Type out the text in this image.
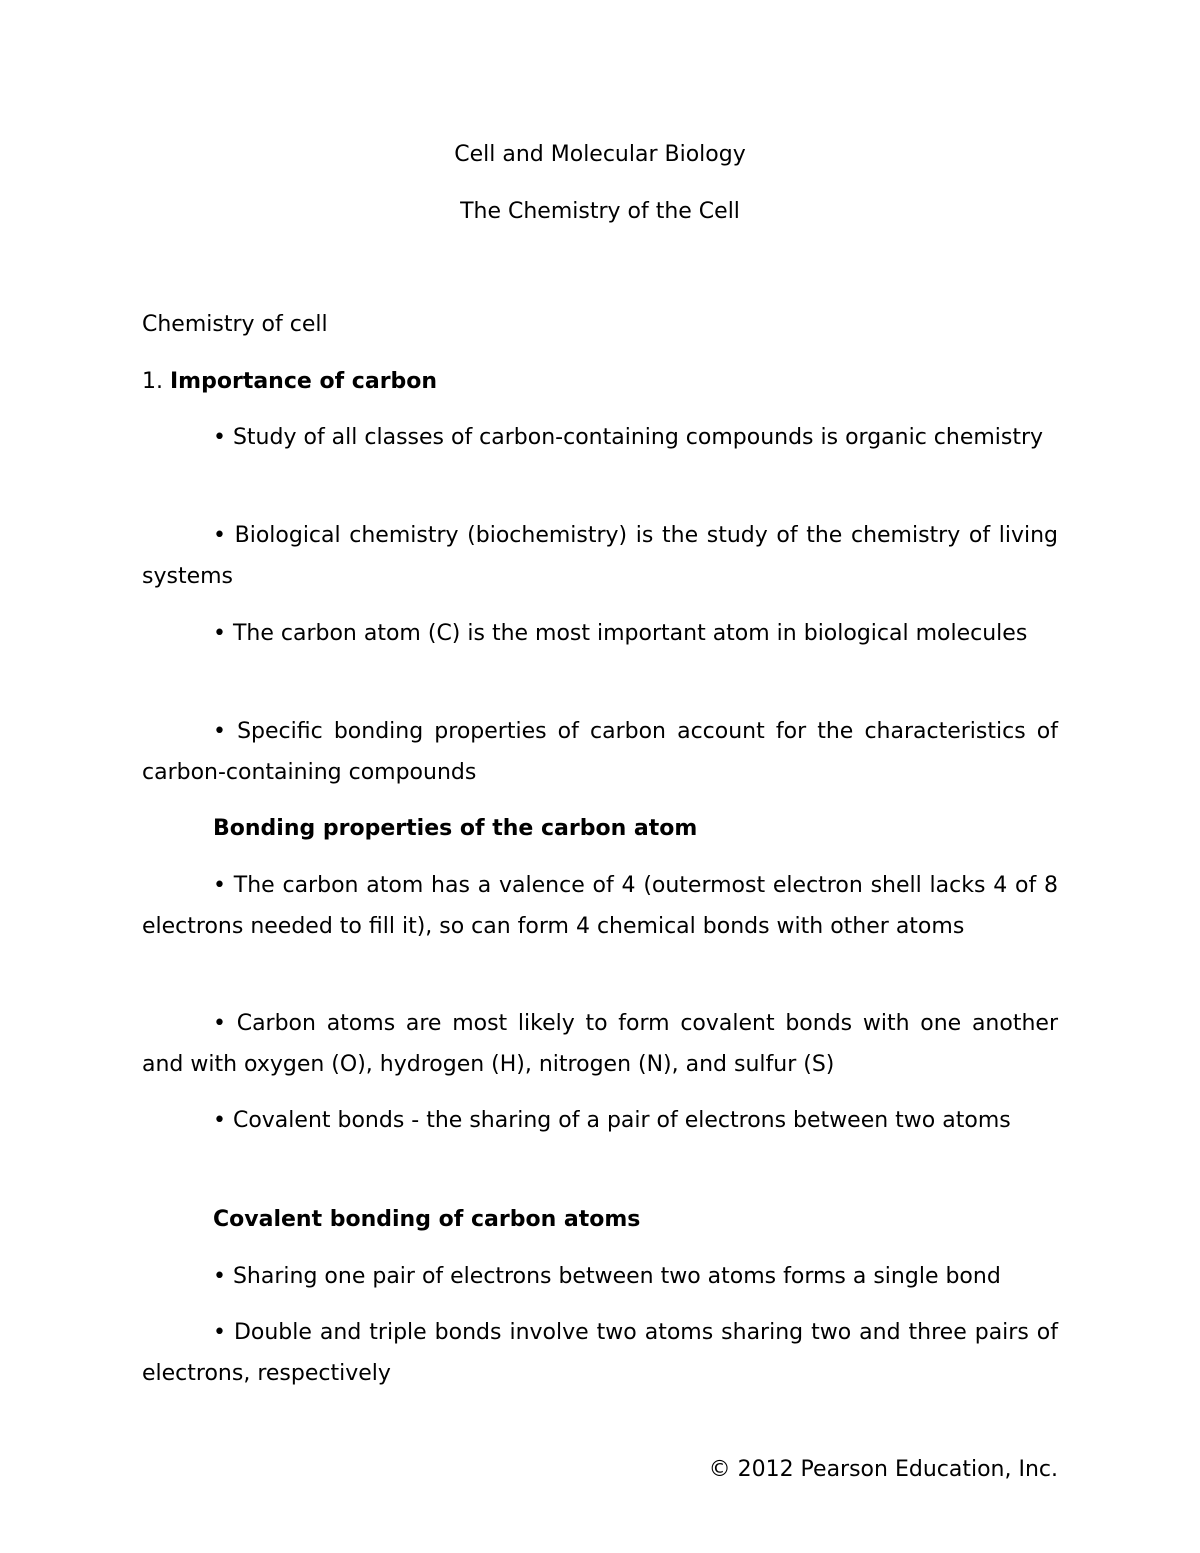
Cell and Molecular Biology
The Chemistry of the Cell
Chemistry of cell
1. Importance of carbon
• Study of all classes of carbon-containing compounds is organic chemistry
• Biological chemistry (biochemistry) is the study of the chemistry of living systems
• The carbon atom (C) is the most important atom in biological molecules
• Specific bonding properties of carbon account for the characteristics of carbon-containing compounds
Bonding properties of the carbon atom
• The carbon atom has a valence of 4 (outermost electron shell lacks 4 of 8 electrons needed to fill it), so can form 4 chemical bonds with other atoms
• Carbon atoms are most likely to form covalent bonds with one another and with oxygen (O), hydrogen (H), nitrogen (N), and sulfur (S)
• Covalent bonds - the sharing of a pair of electrons between two atoms
Covalent bonding of carbon atoms
• Sharing one pair of electrons between two atoms forms a single bond
• Double and triple bonds involve two atoms sharing two and three pairs of electrons, respectively
© 2012 Pearson Education, Inc.
